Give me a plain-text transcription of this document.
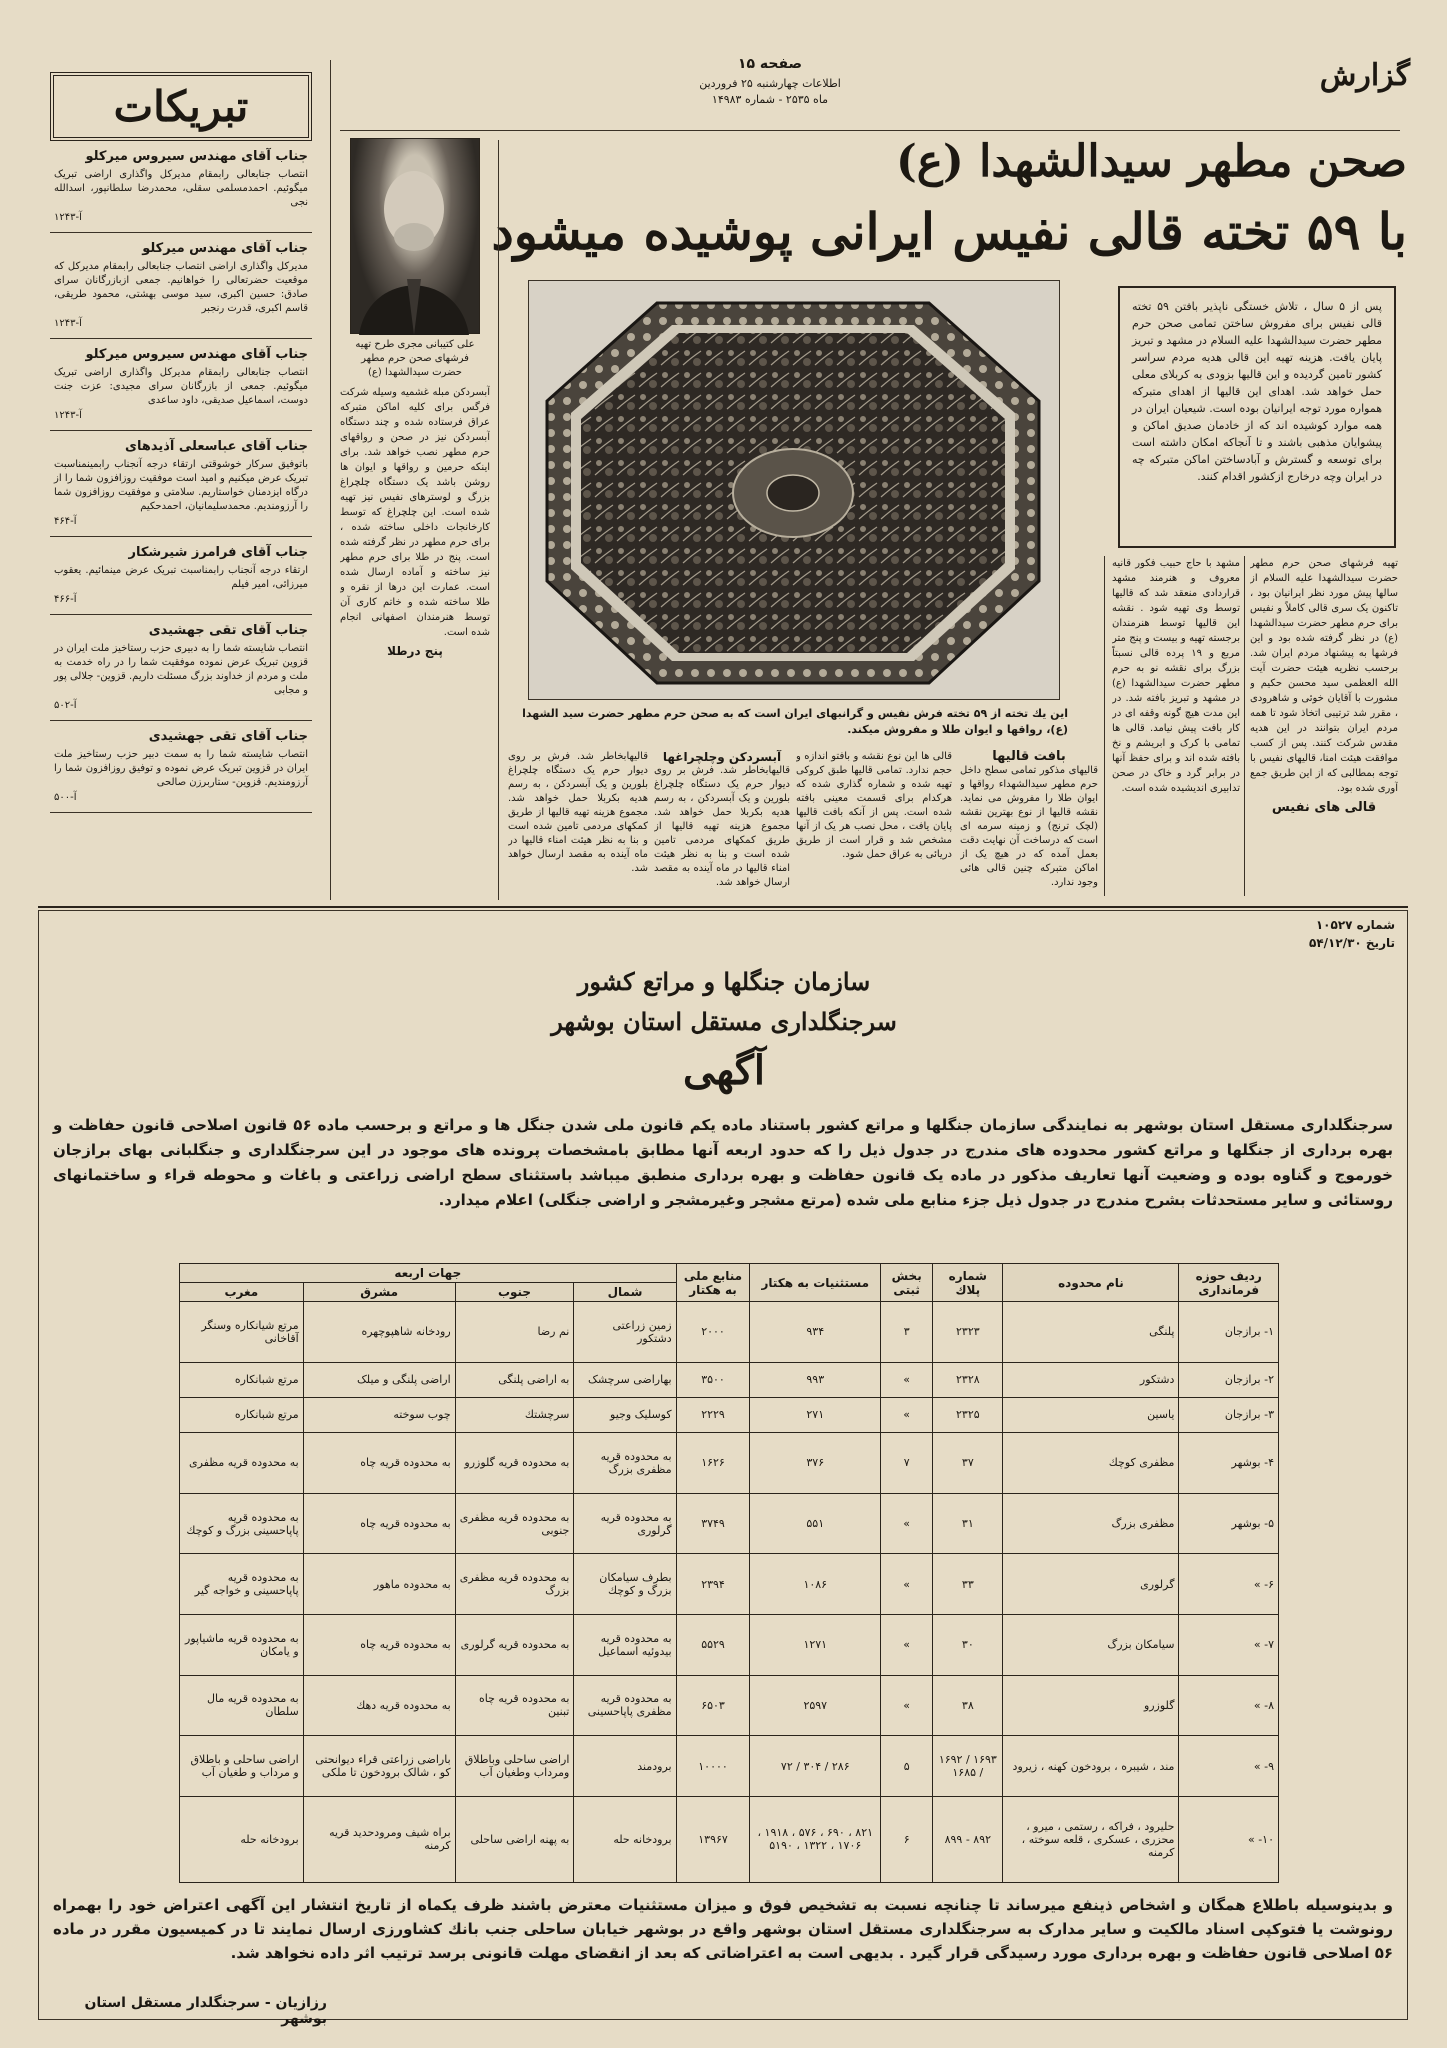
گزارش
صفحه ۱۵
اطلاعات چهارشنبه ۲۵ فروردین
ماه ۲۵۳۵ - شماره ۱۴۹۸۳
صحن مطهر سیدالشهدا (ع)
با ۵۹ تخته قالی نفیس ایرانی پوشیده میشود
تبریکات
جناب آقای مهندس سیروس میرکلو
انتصاب جنابعالی رابمقام مدیرکل واگذاری اراضی تبریک میگوئیم. احمدمسلمی سقلی، محمدرضا سلطانپور، اسدالله نجی
آ-۱۲۴۳
جناب آقای مهندس میرکلو
مدیرکل واگذاری اراضی انتصاب جنابعالی رابمقام مدیرکل که موقعیت حضرتعالی را خواهانیم. جمعی ازبازرگانان سرای صادق: حسین اکبری، سید موسی بهشتی، محمود طریقی، قاسم اکبری، قدرت رنجبر
آ-۱۲۴۳
جناب آقای مهندس سیروس میرکلو
انتصاب جنابعالی رابمقام مدیرکل واگذاری اراضی تبریک میگوئیم. جمعی از بازرگانان سرای مجیدی: عزت جنت دوست، اسماعیل صدیقی، داود ساعدی
آ-۱۲۴۳
جناب آقای عباسعلی آذیدهای
باتوفیق سرکار خوشوقتی ارتقاء درجه آنجناب رابمینمناسبت تبریک عرض میکنیم و امید است موفقیت روزافزون شما را از درگاه ایزدمنان خواستاریم. سلامتی و موفقیت روزافزون شما را آرزومندیم. محمدسلیمانیان، احمدحکیم
آ-۴۶۴
جناب آقای فرامرز شیرشکار
ارتقاء درجه آنجناب رابمناسبت تبریک عرض مینمائیم. یعقوب میرزائی، امیر فیلم
آ-۴۶۶
جناب آقای تقی جهشیدی
انتصاب شایسته شما را به دبیری حزب رستاخیز ملت ایران در قزوین تبریک عرض نموده موفقیت شما را در راه خدمت به ملت و مردم از خداوند بزرگ مسئلت داریم. قزوین- جلالی پور و مجابی
آ-۵۰۲
جناب آقای تقی جهشیدی
انتصاب شایسته شما را به سمت دبیر حزب رستاخیز ملت ایران در قزوین تبریک عرض نموده و توفیق روزافزون شما را آرزومندیم. قزوین- ستاربرزن صالحی
آ-۵۰۰
علی کتیبانی مجری طرح تهیه فرشهای صحن حرم مطهر حضرت سیدالشهدا (ع)
آبسردکن مبله غشمیه وسیله شرکت فرگس برای کلیه اماکن متبرکه عراق فرستاده شده و چند دستگاه آبسردکن نیز در صحن و رواقهای حرم مطهر نصب خواهد شد. برای اینکه حرمین و رواقها و ایوان ها روشن باشد یک دستگاه چلچراغ بزرگ و لوسترهای نفیس نیز تهیه شده است. این چلچراغ که توسط کارخانجات داخلی ساخته شده ، برای حرم مطهر در نظر گرفته شده است. پنج در طلا برای حرم مطهر نیز ساخته و آماده ارسال شده است. عمارت این درها از نقره و طلا ساخته شده و خاتم کاری آن توسط هنرمندان اصفهانی انجام شده است.
پنج درطلا
این یك تخته از ۵۹ تخته فرش نفیس و گرانبهای ایران است که به صحن حرم مطهر حضرت سید الشهدا (ع)، رواقها و ایوان طلا و مفروش میکند.
پس از ۵ سال ، تلاش خستگی ناپذیر بافتن ۵۹ تخته قالی نفیس برای مفروش ساختن تمامی صحن حرم مطهر حضرت سیدالشهدا علیه السلام در مشهد و تبریز پایان یافت. هزینه تهیه این قالی هدیه مردم سراسر کشور تامین گردیده و این قالیها بزودی به کربلای معلی حمل خواهد شد. اهدای این قالیها از اهدای متبرکه همواره مورد توجه ایرانیان بوده است. شیعیان ایران در همه موارد کوشیده اند که از خادمان صدیق اماکن و پیشوایان مذهبی باشند و تا آنجاکه امکان داشته است برای توسعه و گسترش و آبادساختن اماکن متبرکه چه در ایران وچه درخارج ازکشور اقدام کنند.
تهیه فرشهای صحن حرم مطهر حضرت سیدالشهدا علیه السلام از سالها پیش مورد نظر ایرانیان بود ، تاکنون یک سری قالی کاملاً و نفیس برای حرم مطهر حضرت سیدالشهدا (ع) در نظر گرفته شده بود و این فرشها به پیشنهاد مردم ایران شد. برحسب نظریه هیئت حضرت آیت الله العظمی سید محسن حکیم و مشورت با آقایان خوئی و شاهرودی ، مقرر شد ترتیبی اتخاذ شود تا همه مردم ایران بتوانند در این هدیه مقدس شرکت کنند. پس از کسب موافقت هیئت امنا، قالیهای نفیس با توجه بمطالبی که از این طریق جمع آوری شده بود.
قالی های نفیس
مشهد با حاج حبیب فکور قانیه معروف و هنرمند مشهد قراردادی منعقد شد که قالیها توسط وی تهیه شود . نقشه این قالیها توسط هنرمندان برجسته تهیه و بیست و پنج متر مربع و ۱۹ پرده قالی نسبتاً بزرگ برای نقشه نو به حرم مطهر حضرت سیدالشهدا (ع) در مشهد و تبریز بافته شد. در این مدت هیچ گونه وقفه ای در کار بافت پیش نیامد. قالی ها تمامی با کرک و ابریشم و نخ بافته شده اند و برای حفظ آنها در برابر گرد و خاک در صحن تدابیری اندیشیده شده است.
بافت قالیها
قالیهای مذکور تمامی سطح داخل حرم مطهر سیدالشهداء رواقها و ایوان طلا را مفروش می نماید. نقشه قالیها از نوع بهترین نقشه (لچک ترنج) و زمینه سرمه ای است که درساخت آن نهایت دقت بعمل آمده که در هیچ یک از اماکن متبرکه چنین قالی هائی وجود ندارد.
قالی ها این نوع نقشه و بافتو اندازه و حجم ندارد. تمامی قالیها طبق کروکی تهیه شده و شماره گذاری شده که هرکدام برای قسمت معینی بافته شده است. پس از آنکه بافت قالیها پایان یافت ، محل نصب هر یک از آنها مشخص شد و قرار است از طریق دریائی به عراق حمل شود.
آبسردکن وچلچراغها
قالیهابخاطر شد. فرش بر روی دیوار حرم یک دستگاه چلچراغ بلورین و یک آبسردکن ، به رسم هدیه بکربلا حمل خواهد شد. مجموع هزینه تهیه قالیها از طریق کمکهای مردمی تامین شده است و بنا به نظر هیئت امناء قالیها در ماه آینده به مقصد ارسال خواهد شد.
قالیهابخاطر شد. فرش بر روی دیوار حرم یک دستگاه چلچراغ بلورین و یک آبسردکن ، به رسم هدیه بکربلا حمل خواهد شد. مجموع هزینه تهیه قالیها از طریق کمکهای مردمی تامین شده است و بنا به نظر هیئت امناء قالیها در ماه آینده به مقصد ارسال خواهد شد.
شماره ۱۰۵۲۷
تاریخ ۵۴/۱۲/۳۰
سازمان جنگلها و مراتع کشور
سرجنگلداری مستقل استان بوشهر
آگهی
سرجنگلداری مستقل استان بوشهر به نمایندگی سازمان جنگلها و مراتع کشور باستناد ماده یکم قانون ملی شدن جنگل ها و مراتع و برحسب ماده ۵۶ قانون اصلاحی قانون حفاظت و بهره برداری از جنگلها و مراتع کشور محدوده های مندرج در جدول ذیل را که حدود اربعه آنها مطابق بامشخصات پرونده های موجود در این سرجنگلداری و جنگلبانی بهای برازجان خورموج و گناوه بوده و وضعیت آنها تعاریف مذکور در ماده یک قانون حفاظت و بهره برداری منطبق میباشد باستثنای سطح اراضی زراعتی و باغات و محوطه قراء و ساختمانهای روستائی و سایر مستحدثات بشرح مندرج در جدول ذیل جزء منابع ملی شده (مرتع مشجر وغیرمشجر و اراضی جنگلی) اعلام میدارد.
ردیف حوزه فرمانداری	نام محدوده	شماره پلاك	بخش ثبتی	مستثنیات به هکتار	منابع ملی به هکتار	جهات اربعه			
						شمال	جنوب	مشرق	مغرب
۱- برازجان	پلنگی	۲۳۲۳	۳	۹۳۴	۲۰۰۰	زمین زراعتی دشتکور	نم رضا	رودخانه شاهپوچهره	مرتع شیانکاره وسنگر آقاخانی
۲- برازجان	دشتکور	۲۳۲۸	»	۹۹۳	۳۵۰۰	بهاراضی سرچشک	به اراضی پلنگی	اراضی پلنگی و میلک	مرتع شبانکاره
۳- برازجان	یاسین	۲۳۲۵	»	۲۷۱	۲۲۲۹	کوسلیک وجیو	سرچشتك	چوب سوخته	مرتع شبانکاره
۴- بوشهر	مظفری کوچك	۳۷	۷	۳۷۶	۱۶۲۶	به محدوده قریه مظفری بزرگ	به محدوده قریه گلوزرو	به محدوده قریه چاه	به محدوده قریه مظفری
۵- بوشهر	مظفری بزرگ	۳۱	»	۵۵۱	۳۷۴۹	به محدوده قریه گرلوری	به محدوده قریه مظفری جنوبی	به محدوده قریه چاه	به محدوده قریه پاپاحسینی بزرگ و کوچك
۶- »	گرلوری	۳۳	»	۱۰۸۶	۲۳۹۴	بطرف سیامکان بزرگ و کوچك	به محدوده قریه مظفری بزرگ	به محدوده ماهور	به محدوده قریه پاپاحسینی و خواجه گیر
۷- »	سیامکان بزرگ	۳۰	»	۱۲۷۱	۵۵۲۹	به محدوده قریه بیدوئیه اسماعیل	به محدوده قریه گرلوری	به محدوده قریه چاه	به محدوده قریه ماشیاپور و یامکان
۸- »	گلوزرو	۳۸	»	۲۵۹۷	۶۵۰۳	به محدوده قریه مظفری پاپاحسینی	به محدوده قریه چاه تبنین	به محدوده قریه دهك	به محدوده قریه مال سلطان
۹- »	مند ، شیبره ، برودخون کهنه ، زیرود	۱۶۹۳ / ۱۶۹۲ / ۱۶۸۵	۵	۲۸۶ / ۳۰۴ / ۷۲	۱۰۰۰۰	برودمند	اراضی ساحلی وباطلاق ومرداب وطغیان آب	باراضی زراعتی قراء دیوانحتی کو ، شالک برودخون تا ملکی	اراضی ساحلی و باطلاق و مرداب و طغیان آب
۱۰- »	حلیرود ، فراکه ، رستمی ، میرو ، محزری ، عسکری ، قلعه سوخته ، کرمنه	۸۹۲ - ۸۹۹	۶	۸۲۱ ، ۶۹۰ ، ۵۷۶ ، ۱۹۱۸ ، ۱۷۰۶ ، ۱۳۲۲ ، ۵۱۹۰	۱۳۹۶۷	برودخانه حله	به پهنه اراضی ساحلی	براه شیف ومرودحدید قریه کرمنه	برودخانه حله
و بدینوسیله باطلاع همگان و اشخاص ذینفع میرساند تا چنانچه نسبت به تشخیص فوق و میزان مستثنیات معترض باشند ظرف یکماه از تاریخ انتشار این آگهی اعتراض خود را بهمراه رونوشت یا فتوکپی اسناد مالکیت و سایر مدارک به سرجنگلداری مستقل استان بوشهر واقع در بوشهر خیابان ساحلی جنب بانك کشاورزی ارسال نمایند تا در کمیسیون مقرر در ماده ۵۶ اصلاحی قانون حفاظت و بهره برداری مورد رسیدگی قرار گیرد . بدیهی است به اعتراضاتی که بعد از انقضای مهلت قانونی برسد ترتیب اثر داده نخواهد شد.
رزازیان - سرجنگلدار مستقل استان بوشهر
